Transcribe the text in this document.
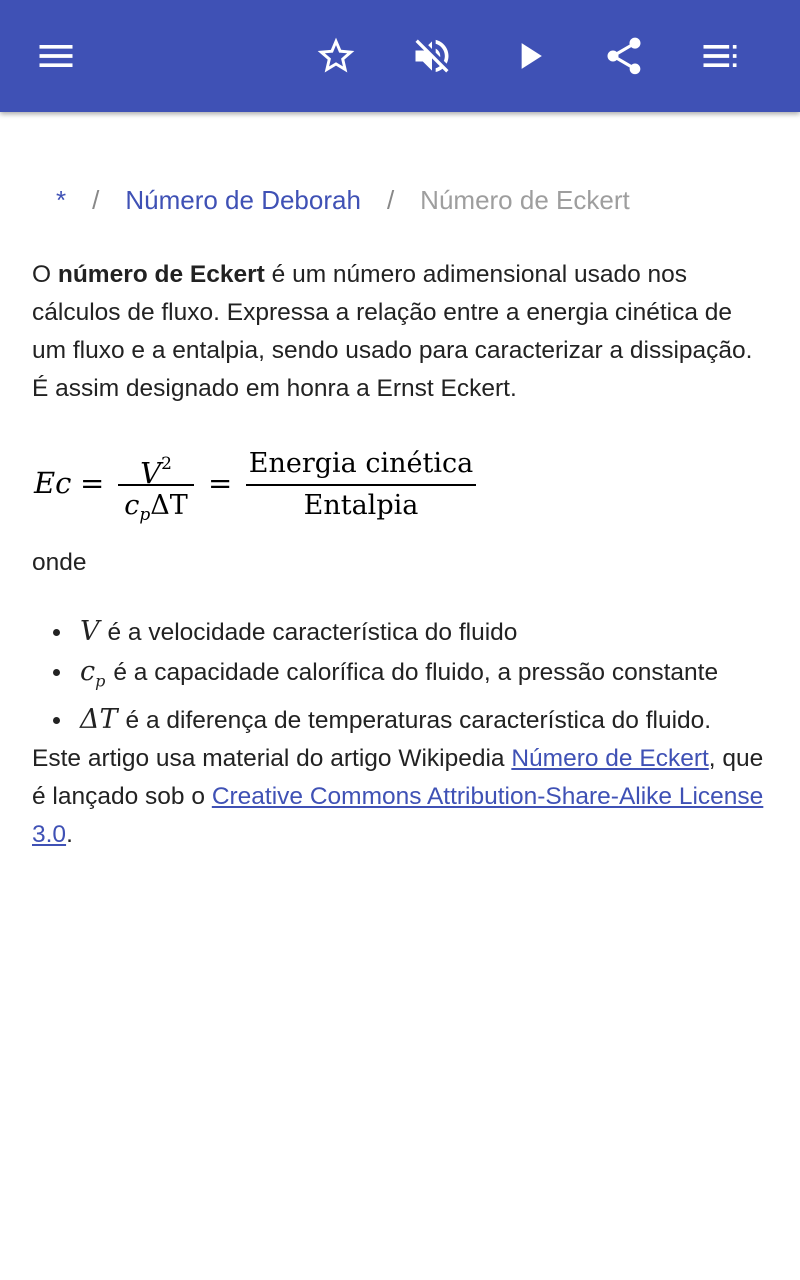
* / Número de Deborah / Número de Eckert

O número de Eckert é um número adimensional usado nos cálculos de fluxo. Expressa a relação entre a energia cinética de um fluxo e a entalpia, sendo usado para caracterizar a dissipação. É assim designado em honra a Ernst Eckert.

Ec =	$V^2$
$c_p\Delta T$
=
Energia cinética
Entalpia

onde

V é a velocidade característica do fluido
$c_p$ é a capacidade calorífica do fluido, a pressão constante
ΔT é a diferença de temperaturas característica do fluido.

Este artigo usa material do artigo Wikipedia Número de Eckert, que é lançado sob o Creative Commons Attribution-Share-Alike License 3.0.
